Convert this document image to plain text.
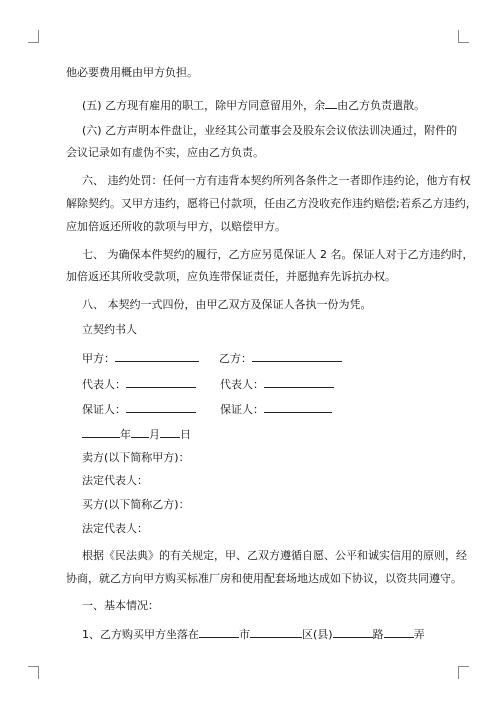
他必要费用概由甲方负担。
(五) 乙方现有雇用的职工，除甲方同意留用外，余 由乙方负责遣散。
(六) 乙方声明本件盘让，业经其公司董事会及股东会议依法训决通过，附件的
会议记录如有虚伪不实，应由乙方负责。
六、 违约处罚：任何一方有违背本契约所列各条件之一者即作违约论，他方有权
解除契约。又甲方违约，愿将已付款项，任由乙方没收充作违约赔偿;若系乙方违约，
应加倍返还所收的款项与甲方，以赔偿甲方。
七、 为确保本件契约的履行，乙方应另觅保证人 2 名。保证人对于乙方违约时，
加倍返还其所收受款项，应负连带保证责任，并愿抛弃先诉抗办权。
八、 本契约一式四份，由甲乙双方及保证人各执一份为凭。
立契约书人
甲方：	乙方：
代表人：	代表人：
保证人：	保证人：
年 月 日
卖方(以下简称甲方)：
法定代表人：
买方(以下简称乙方)：
法定代表人：
根据《民法典》的有关规定，甲、乙双方遵循自愿、公平和诚实信用的原则，经
协商，就乙方向甲方购买标准厂房和使用配套场地达成如下协议，以资共同遵守。
一、基本情况：
1、乙方购买甲方坐落在	市	区(县)	路	弄
